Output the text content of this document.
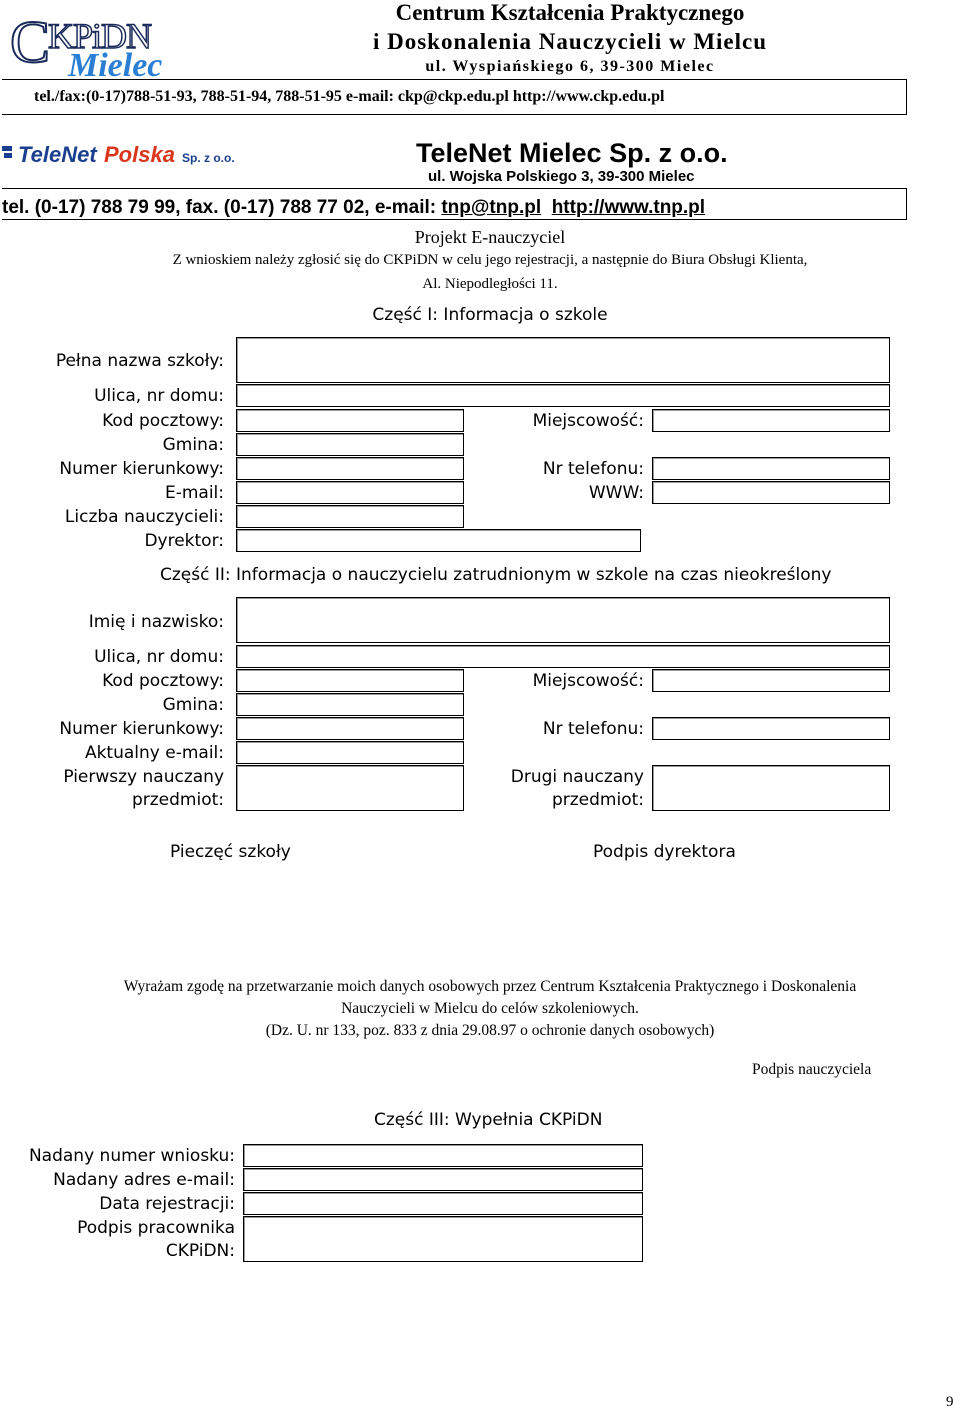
C
KPiDN
Mielec
Centrum Kształcenia Praktycznego
i Doskonalenia Nauczycieli w Mielcu
ul. Wyspiańskiego 6, 39-300 Mielec
tel./fax:(0-17)788-51-93, 788-51-94, 788-51-95 e-mail: ckp@ckp.edu.pl http://www.ckp.edu.pl
TeleNet Polska Sp. z o.o.	TeleNet Mielec Sp. z o.o.
ul. Wojska Polskiego 3, 39-300 Mielec
tel. (0-17) 788 79 99, fax. (0-17) 788 77 02, e-mail: tnp@tnp.pl http://www.tnp.pl
Projekt E-nauczyciel
Z wnioskiem należy zgłosić się do CKPiDN w celu jego rejestracji, a następnie do Biura Obsługi Klienta,
Al. Niepodległości 11.
Część I: Informacja o szkole
Pełna nazwa szkoły:
Ulica, nr domu:
Kod pocztowy:	Miejscowość:
Gmina:
Numer kierunkowy:	Nr telefonu:
E-mail:	WWW:
Liczba nauczycieli:
Dyrektor:
Część II: Informacja o nauczycielu zatrudnionym w szkole na czas nieokreślony
Imię i nazwisko:
Ulica, nr domu:
Kod pocztowy:	Miejscowość:
Gmina:
Numer kierunkowy:	Nr telefonu:
Aktualny e-mail:
Pierwszy nauczany
przedmiot:
Drugi nauczany
przedmiot:
Pieczęć szkoły	Podpis dyrektora
Wyrażam zgodę na przetwarzanie moich danych osobowych przez Centrum Kształcenia Praktycznego i Doskonalenia
Nauczycieli w Mielcu do celów szkoleniowych.
(Dz. U. nr 133, poz. 833 z dnia 29.08.97 o ochronie danych osobowych)
Podpis nauczyciela
Część III: Wypełnia CKPiDN
Nadany numer wniosku:
Nadany adres e-mail:
Data rejestracji:
Podpis pracownika
CKPiDN:
9
